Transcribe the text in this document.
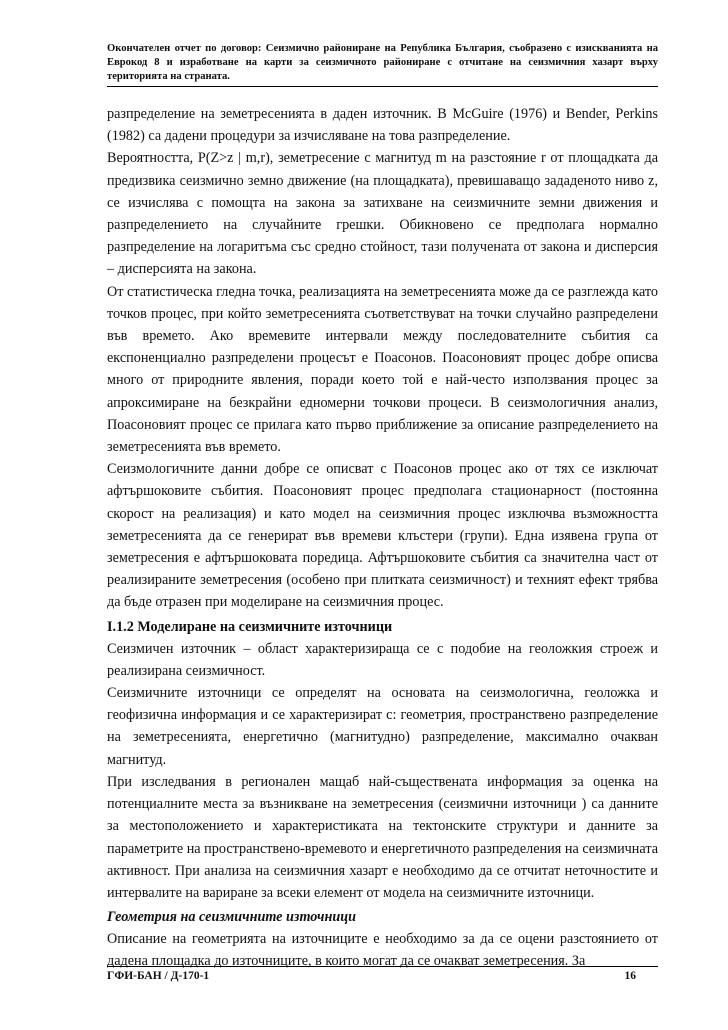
Окончателен отчет по договор: Сеизмично райониране на Република България, съобразено с изискванията на Еврокод 8 и изработване на карти за сеизмичното райониране с отчитане на сеизмичния хазарт върху територията на страната.

разпределение на земетресенията в даден източник. В McGuire (1976) и Bender, Perkins (1982) са дадени процедури за изчисляване на това разпределение.

Вероятността, P(Z>z | m,r), земетресение с магнитуд m на разстояние r от площадката да предизвика сеизмично земно движение (на площадката), превишаващо зададеното ниво z, се изчислява с помощта на закона за затихване на сеизмичните земни движения и разпределението на случайните грешки. Обикновено се предполага нормално разпределение на логаритъма със средно стойност, тази получената от закона и дисперсия – дисперсията на закона.

От статистическа гледна точка, реализацията на земетресенията може да се разглежда като точков процес, при който земетресенията съответствуват на точки случайно разпределени във времето. Ако времевите интервали между последователните събития са експоненциално разпределени процесът е Поасонов. Поасоновият процес добре описва много от природните явления, поради което той е най-често използвания процес за апроксимиране на безкрайни едномерни точкови процеси. В сеизмологичния анализ, Поасоновият процес се прилага като първо приближение за описание разпределението на земетресенията във времето.

Сеизмологичните данни добре се описват с Поасонов процес ако от тях се изключат афтършоковите събития. Поасоновият процес предполага стационарност (постоянна скорост на реализация) и като модел на сеизмичния процес изключва възможността земетресенията да се генерират във времеви клъстери (групи). Една изявена група от земетресения е афтършоковата поредица. Афтършоковите събития са значителна част от реализираните земетресения (особено при плитката сеизмичност) и техният ефект трябва да бъде отразен при моделиране на сеизмичния процес.

I.1.2 Моделиране на сеизмичните източници

Сеизмичен източник – област характеризираща се с подобие на геоложкия строеж и реализирана сеизмичност.

Сеизмичните източници се определят на основата на сеизмологична, геоложка и геофизична информация и се характеризират с: геометрия, пространствено разпределение на земетресенията, енергетично (магнитудно) разпределение, максимално очакван магнитуд.

При изследвания в регионален мащаб най-съществената информация за оценка на потенциалните места за възникване на земетресения (сеизмични източници ) са данните за местоположението и характеристиката на тектонските структури и данните за параметрите на пространствено-времевото и енергетичното разпределения на сеизмичната активност. При анализа на сеизмичния хазарт е необходимо да се отчитат неточностите и интервалите на вариране за всеки елемент от модела на сеизмичните източници.

Геометрия на сеизмичните източници

Описание на геометрията на източниците е необходимо за да се оцени разстоянието от дадена площадка до източниците, в които могат да се очакват земетресения. За

ГФИ-БАН / Д-170-1	16
